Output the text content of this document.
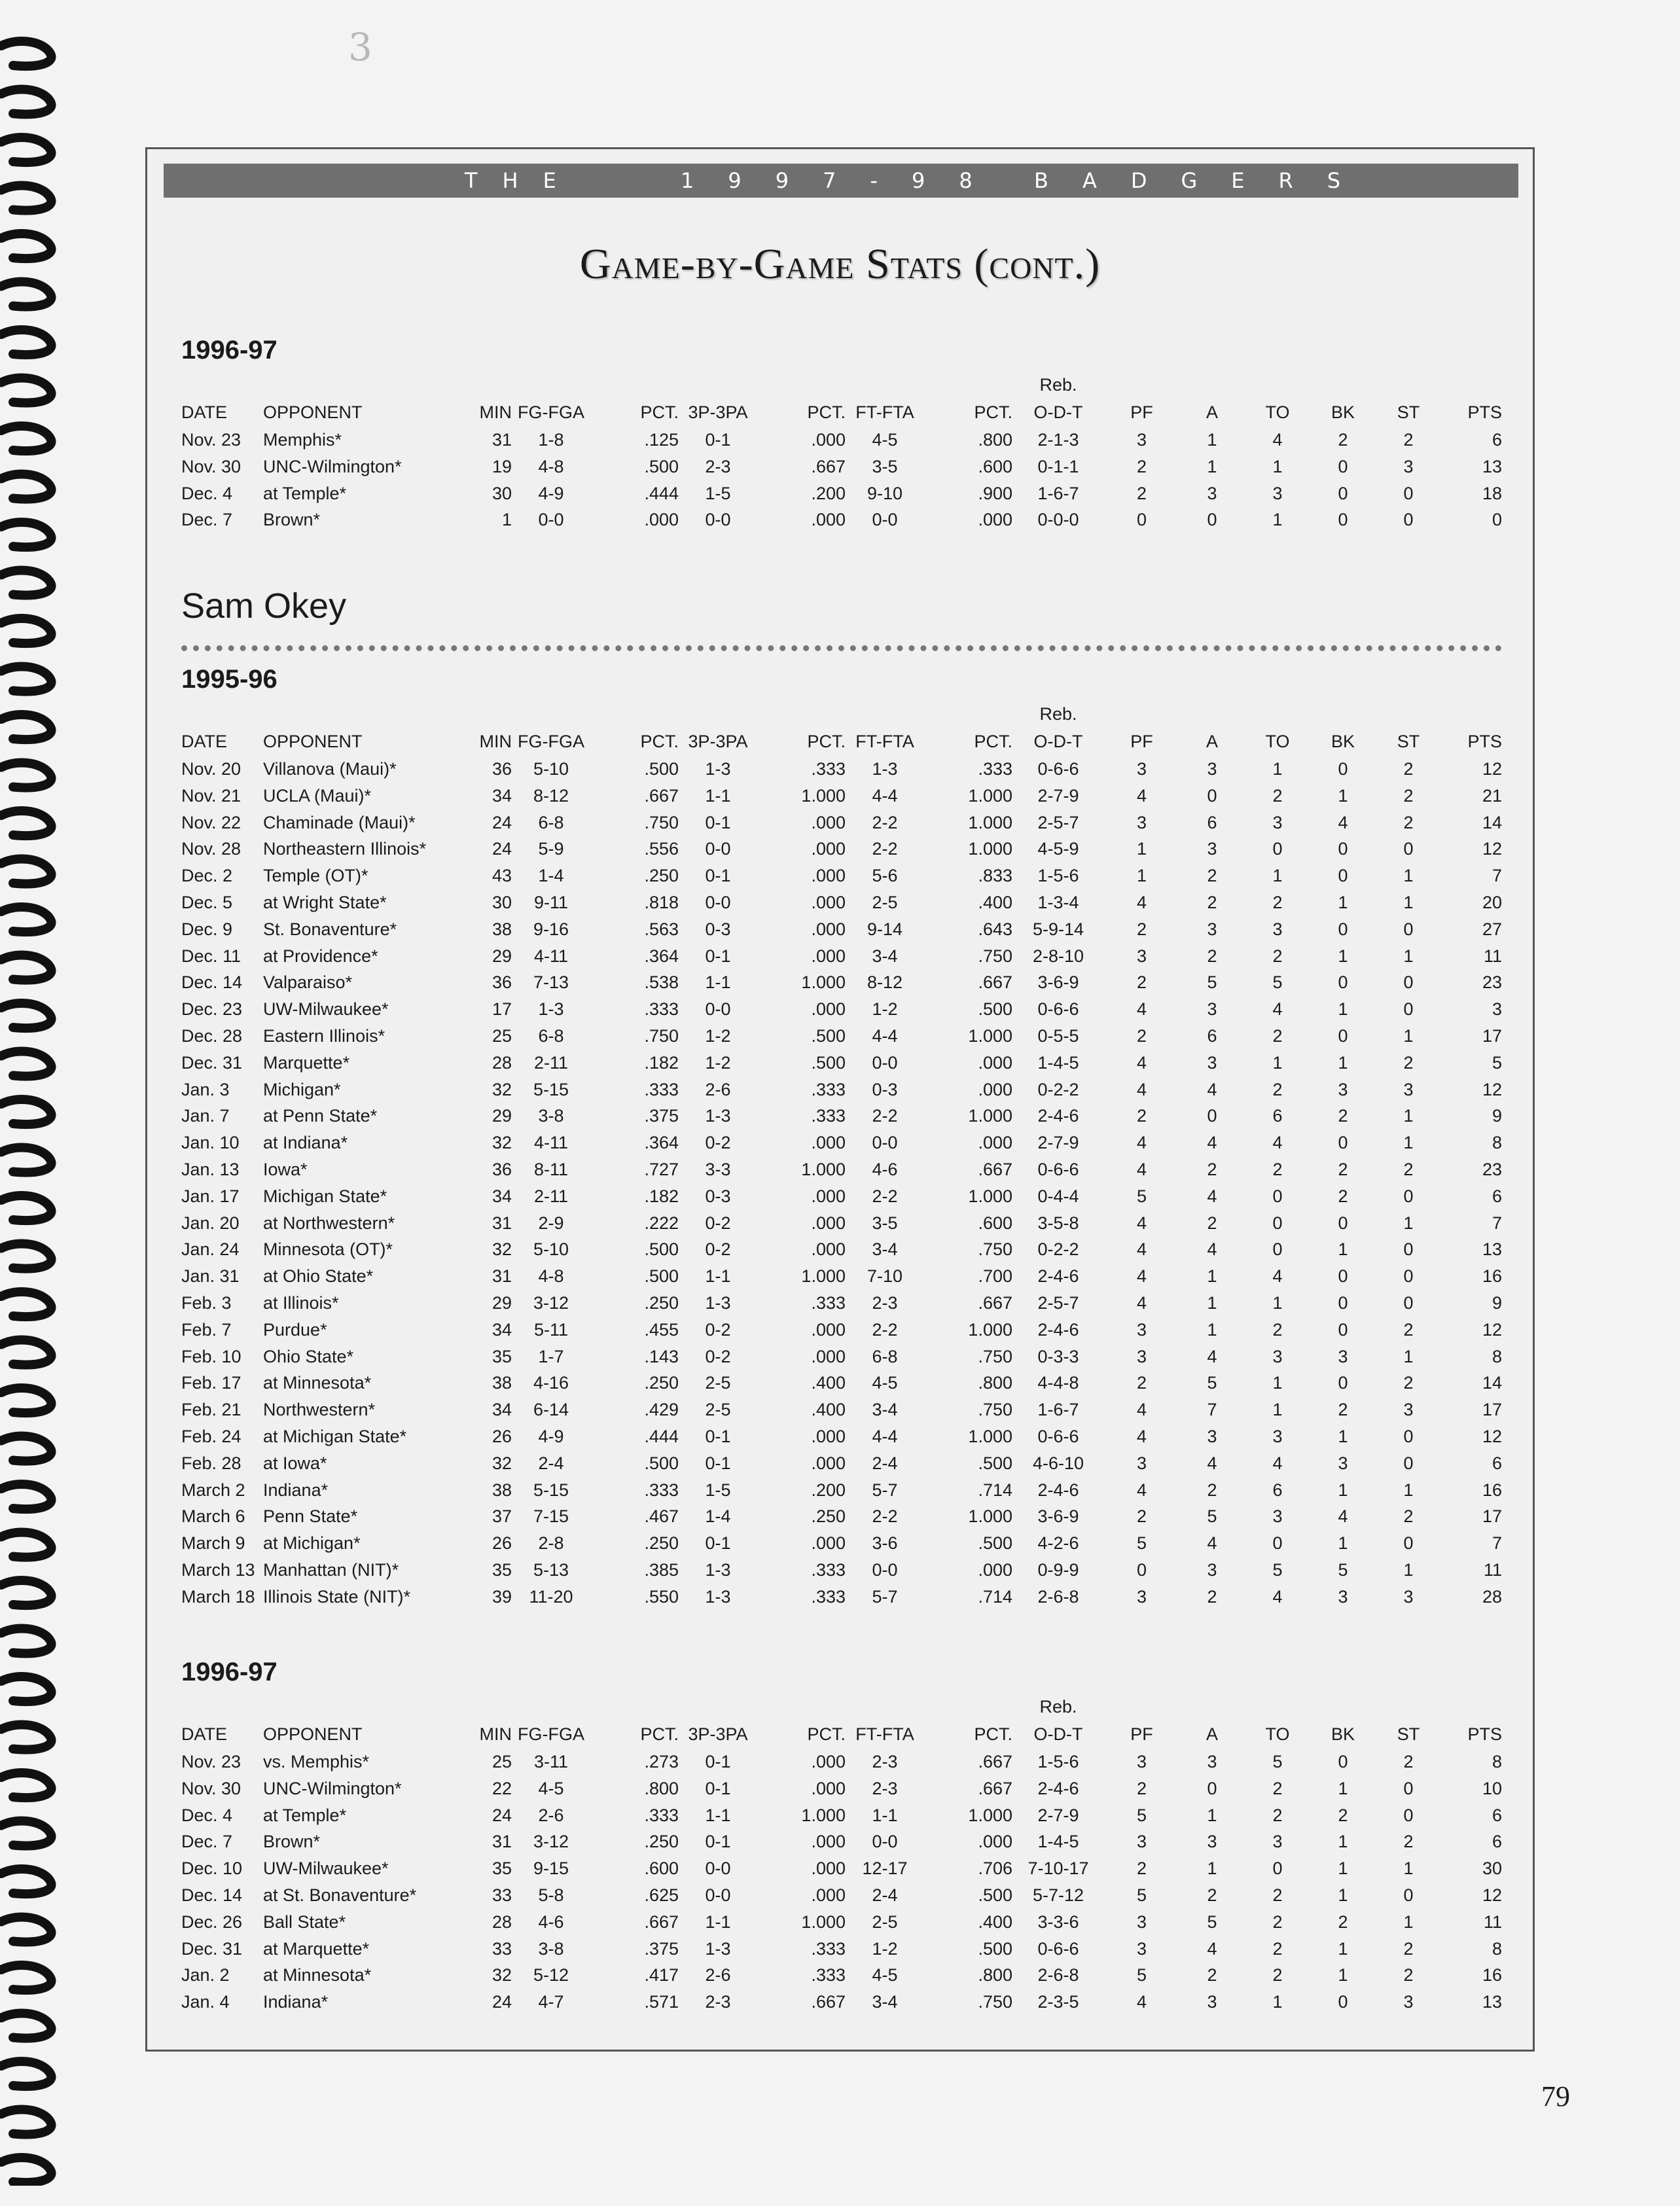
3
THE	1997-98	BADGERS
Game-by-Game Stats (cont.)
1996-97
									Reb.						
DATE	OPPONENT	MIN	FG-FGA	PCT.	3P-3PA	PCT.	FT-FTA	PCT.	O-D-T	PF	A	TO	BK	ST	PTS
Nov. 23	Memphis*	31	1-8	.125	0-1	.000	4-5	.800	2-1-3	3	1	4	2	2	6
Nov. 30	UNC-Wilmington*	19	4-8	.500	2-3	.667	3-5	.600	0-1-1	2	1	1	0	3	13
Dec. 4	at Temple*	30	4-9	.444	1-5	.200	9-10	.900	1-6-7	2	3	3	0	0	18
Dec. 7	Brown*	1	0-0	.000	0-0	.000	0-0	.000	0-0-0	0	0	1	0	0	0
Sam Okey
1995-96
									Reb.						
DATE	OPPONENT	MIN	FG-FGA	PCT.	3P-3PA	PCT.	FT-FTA	PCT.	O-D-T	PF	A	TO	BK	ST	PTS
Nov. 20	Villanova (Maui)*	36	5-10	.500	1-3	.333	1-3	.333	0-6-6	3	3	1	0	2	12
Nov. 21	UCLA (Maui)*	34	8-12	.667	1-1	1.000	4-4	1.000	2-7-9	4	0	2	1	2	21
Nov. 22	Chaminade (Maui)*	24	6-8	.750	0-1	.000	2-2	1.000	2-5-7	3	6	3	4	2	14
Nov. 28	Northeastern Illinois*	24	5-9	.556	0-0	.000	2-2	1.000	4-5-9	1	3	0	0	0	12
Dec. 2	Temple (OT)*	43	1-4	.250	0-1	.000	5-6	.833	1-5-6	1	2	1	0	1	7
Dec. 5	at Wright State*	30	9-11	.818	0-0	.000	2-5	.400	1-3-4	4	2	2	1	1	20
Dec. 9	St. Bonaventure*	38	9-16	.563	0-3	.000	9-14	.643	5-9-14	2	3	3	0	0	27
Dec. 11	at Providence*	29	4-11	.364	0-1	.000	3-4	.750	2-8-10	3	2	2	1	1	11
Dec. 14	Valparaiso*	36	7-13	.538	1-1	1.000	8-12	.667	3-6-9	2	5	5	0	0	23
Dec. 23	UW-Milwaukee*	17	1-3	.333	0-0	.000	1-2	.500	0-6-6	4	3	4	1	0	3
Dec. 28	Eastern Illinois*	25	6-8	.750	1-2	.500	4-4	1.000	0-5-5	2	6	2	0	1	17
Dec. 31	Marquette*	28	2-11	.182	1-2	.500	0-0	.000	1-4-5	4	3	1	1	2	5
Jan. 3	Michigan*	32	5-15	.333	2-6	.333	0-3	.000	0-2-2	4	4	2	3	3	12
Jan. 7	at Penn State*	29	3-8	.375	1-3	.333	2-2	1.000	2-4-6	2	0	6	2	1	9
Jan. 10	at Indiana*	32	4-11	.364	0-2	.000	0-0	.000	2-7-9	4	4	4	0	1	8
Jan. 13	Iowa*	36	8-11	.727	3-3	1.000	4-6	.667	0-6-6	4	2	2	2	2	23
Jan. 17	Michigan State*	34	2-11	.182	0-3	.000	2-2	1.000	0-4-4	5	4	0	2	0	6
Jan. 20	at Northwestern*	31	2-9	.222	0-2	.000	3-5	.600	3-5-8	4	2	0	0	1	7
Jan. 24	Minnesota (OT)*	32	5-10	.500	0-2	.000	3-4	.750	0-2-2	4	4	0	1	0	13
Jan. 31	at Ohio State*	31	4-8	.500	1-1	1.000	7-10	.700	2-4-6	4	1	4	0	0	16
Feb. 3	at Illinois*	29	3-12	.250	1-3	.333	2-3	.667	2-5-7	4	1	1	0	0	9
Feb. 7	Purdue*	34	5-11	.455	0-2	.000	2-2	1.000	2-4-6	3	1	2	0	2	12
Feb. 10	Ohio State*	35	1-7	.143	0-2	.000	6-8	.750	0-3-3	3	4	3	3	1	8
Feb. 17	at Minnesota*	38	4-16	.250	2-5	.400	4-5	.800	4-4-8	2	5	1	0	2	14
Feb. 21	Northwestern*	34	6-14	.429	2-5	.400	3-4	.750	1-6-7	4	7	1	2	3	17
Feb. 24	at Michigan State*	26	4-9	.444	0-1	.000	4-4	1.000	0-6-6	4	3	3	1	0	12
Feb. 28	at Iowa*	32	2-4	.500	0-1	.000	2-4	.500	4-6-10	3	4	4	3	0	6
March 2	Indiana*	38	5-15	.333	1-5	.200	5-7	.714	2-4-6	4	2	6	1	1	16
March 6	Penn State*	37	7-15	.467	1-4	.250	2-2	1.000	3-6-9	2	5	3	4	2	17
March 9	at Michigan*	26	2-8	.250	0-1	.000	3-6	.500	4-2-6	5	4	0	1	0	7
March 13	Manhattan (NIT)*	35	5-13	.385	1-3	.333	0-0	.000	0-9-9	0	3	5	5	1	11
March 18	Illinois State (NIT)*	39	11-20	.550	1-3	.333	5-7	.714	2-6-8	3	2	4	3	3	28
1996-97
									Reb.						
DATE	OPPONENT	MIN	FG-FGA	PCT.	3P-3PA	PCT.	FT-FTA	PCT.	O-D-T	PF	A	TO	BK	ST	PTS
Nov. 23	vs. Memphis*	25	3-11	.273	0-1	.000	2-3	.667	1-5-6	3	3	5	0	2	8
Nov. 30	UNC-Wilmington*	22	4-5	.800	0-1	.000	2-3	.667	2-4-6	2	0	2	1	0	10
Dec. 4	at Temple*	24	2-6	.333	1-1	1.000	1-1	1.000	2-7-9	5	1	2	2	0	6
Dec. 7	Brown*	31	3-12	.250	0-1	.000	0-0	.000	1-4-5	3	3	3	1	2	6
Dec. 10	UW-Milwaukee*	35	9-15	.600	0-0	.000	12-17	.706	7-10-17	2	1	0	1	1	30
Dec. 14	at St. Bonaventure*	33	5-8	.625	0-0	.000	2-4	.500	5-7-12	5	2	2	1	0	12
Dec. 26	Ball State*	28	4-6	.667	1-1	1.000	2-5	.400	3-3-6	3	5	2	2	1	11
Dec. 31	at Marquette*	33	3-8	.375	1-3	.333	1-2	.500	0-6-6	3	4	2	1	2	8
Jan. 2	at Minnesota*	32	5-12	.417	2-6	.333	4-5	.800	2-6-8	5	2	2	1	2	16
Jan. 4	Indiana*	24	4-7	.571	2-3	.667	3-4	.750	2-3-5	4	3	1	0	3	13
79
